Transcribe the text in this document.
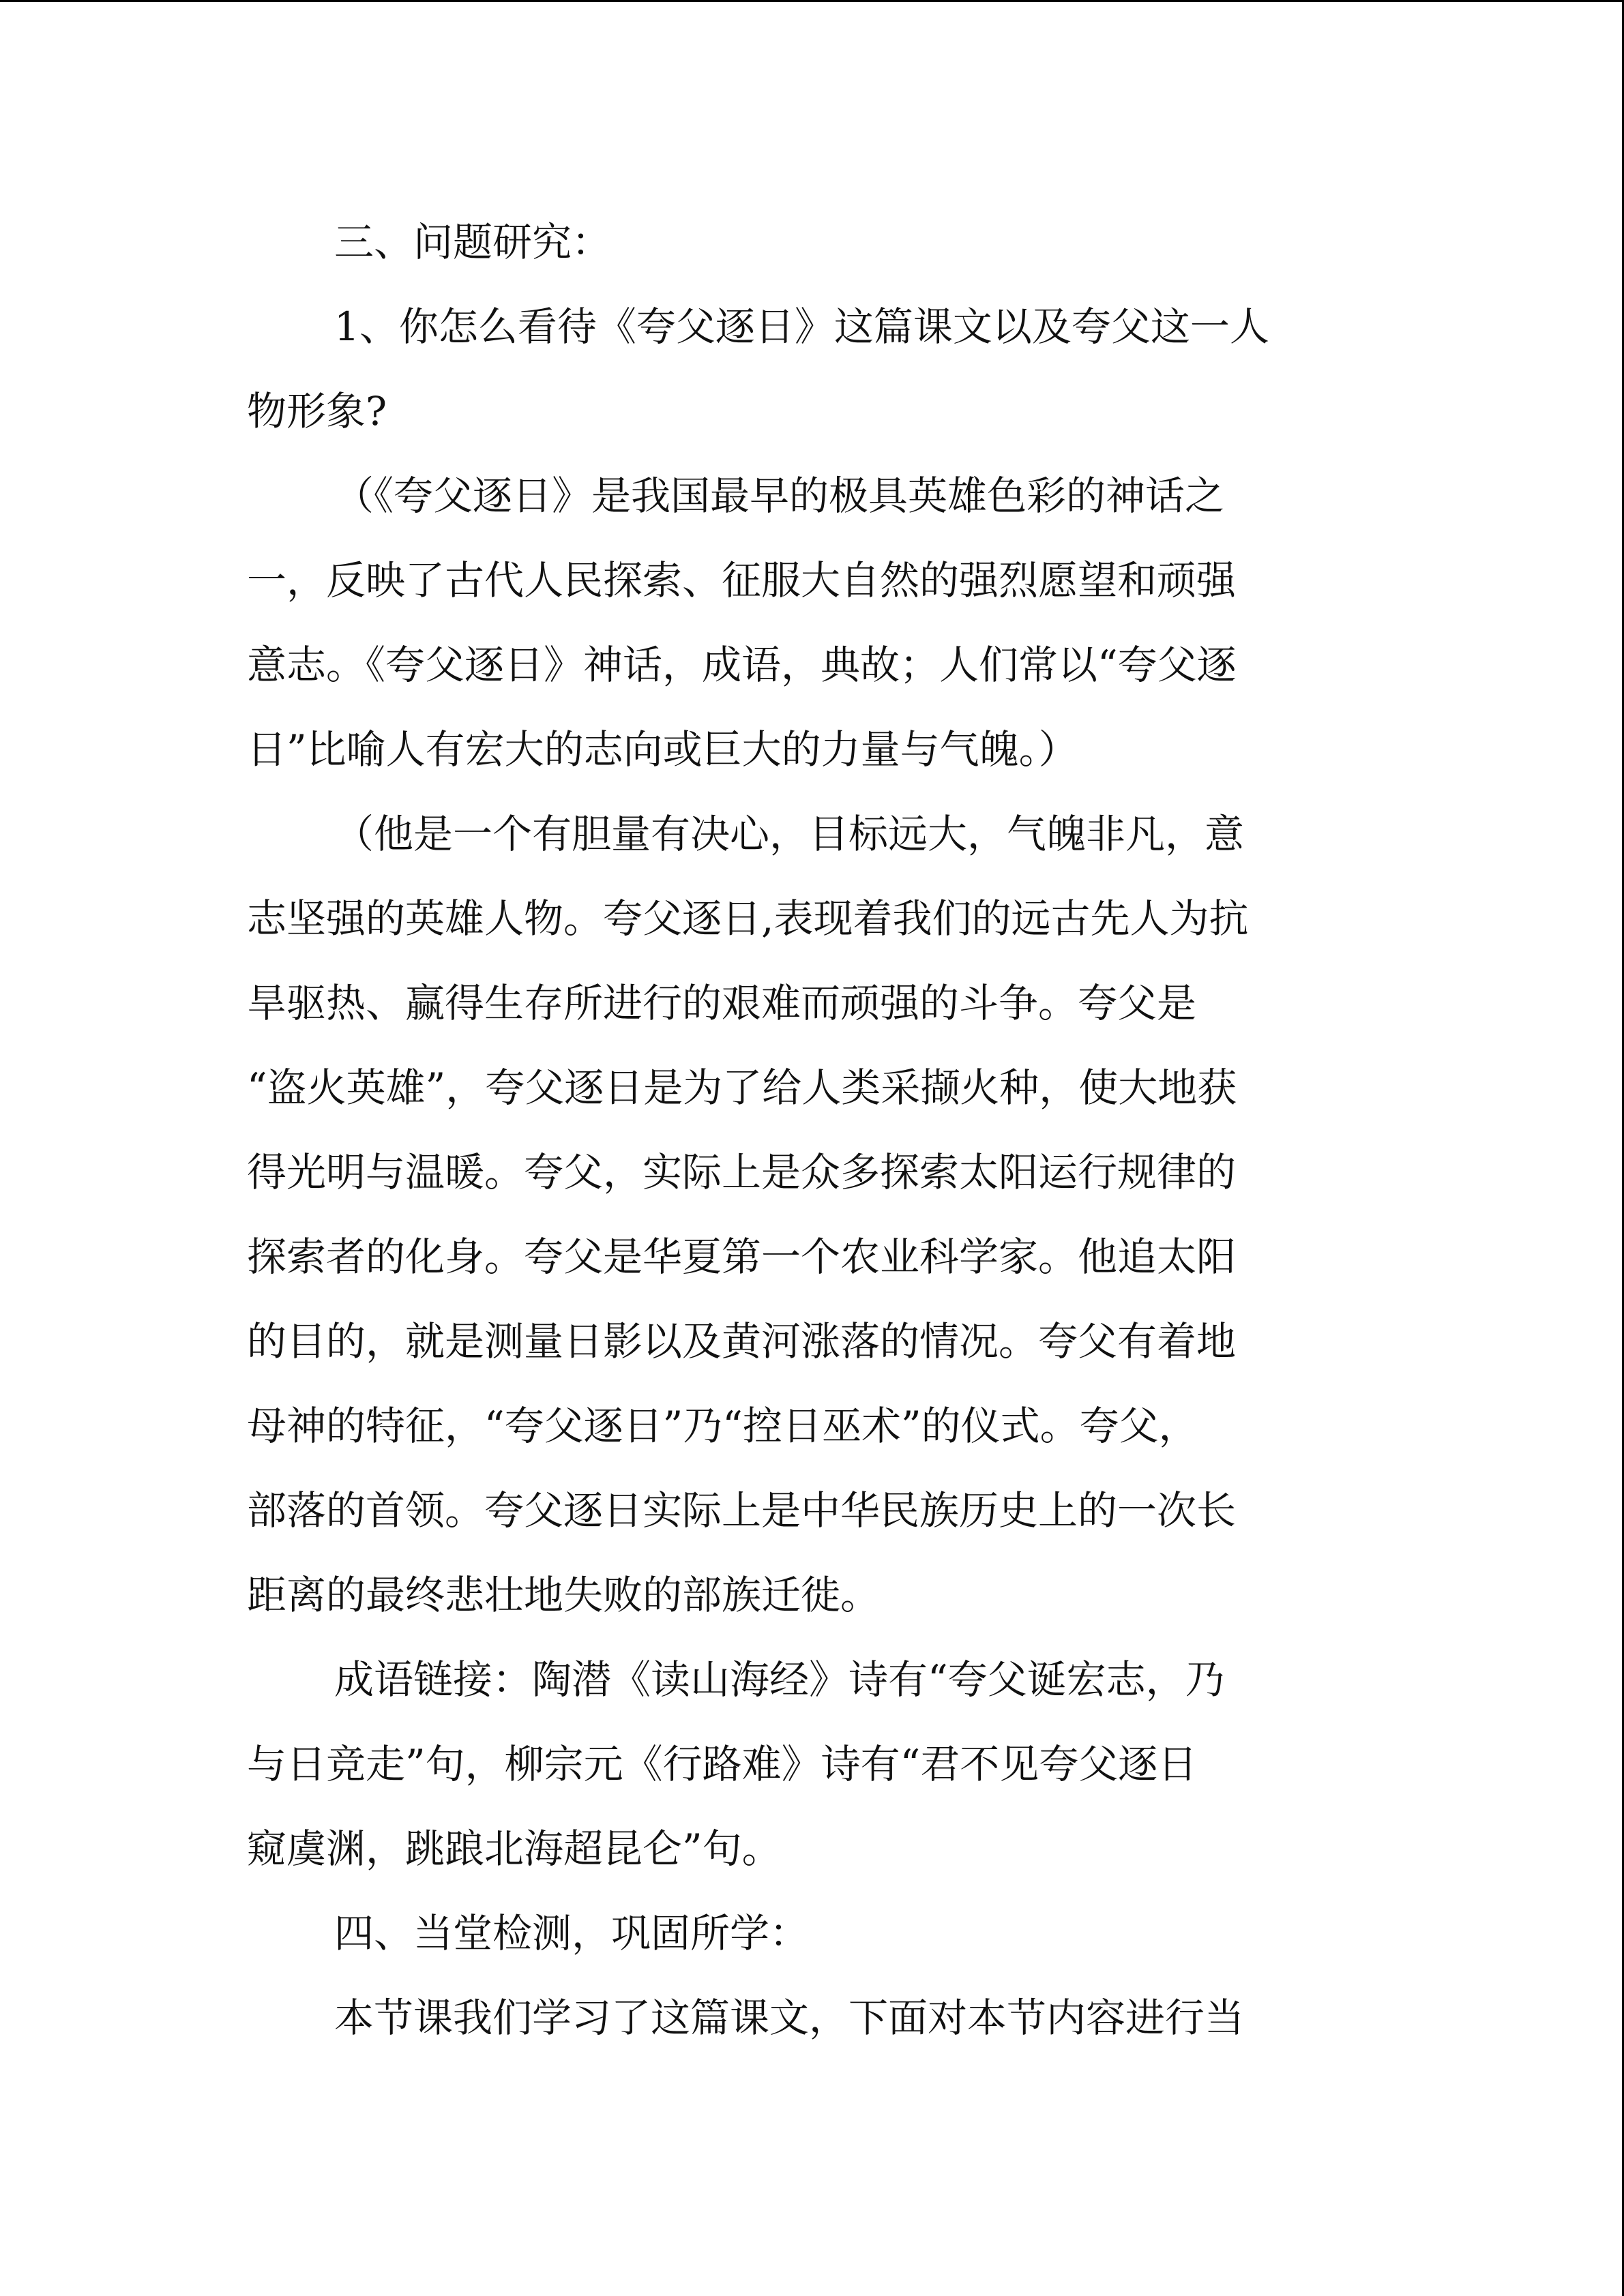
三、问题研究：
1、你怎么看待《夸父逐日》这篇课文以及夸父这一人
物形象?
（《夸父逐日》是我国最早的极具英雄色彩的神话之
一，反映了古代人民探索、征服大自然的强烈愿望和顽强
意志。《夸父逐日》神话，成语，典故；人们常以“夸父逐
日”比喻人有宏大的志向或巨大的力量与气魄。）
（他是一个有胆量有决心，目标远大，气魄非凡，意
志坚强的英雄人物。夸父逐日,表现着我们的远古先人为抗
旱驱热、赢得生存所进行的艰难而顽强的斗争。夸父是
“盗火英雄”，夸父逐日是为了给人类采撷火种，使大地获
得光明与温暖。夸父，实际上是众多探索太阳运行规律的
探索者的化身。夸父是华夏第一个农业科学家。他追太阳
的目的，就是测量日影以及黄河涨落的情况。夸父有着地
母神的特征，“夸父逐日”乃“控日巫术”的仪式。夸父，
部落的首领。夸父逐日实际上是中华民族历史上的一次长
距离的最终悲壮地失败的部族迁徙。
成语链接：陶潜《读山海经》诗有“夸父诞宏志，乃
与日竞走”句，柳宗元《行路难》诗有“君不见夸父逐日
窥虞渊，跳踉北海超昆仑”句。
四、当堂检测，巩固所学：
本节课我们学习了这篇课文，下面对本节内容进行当
